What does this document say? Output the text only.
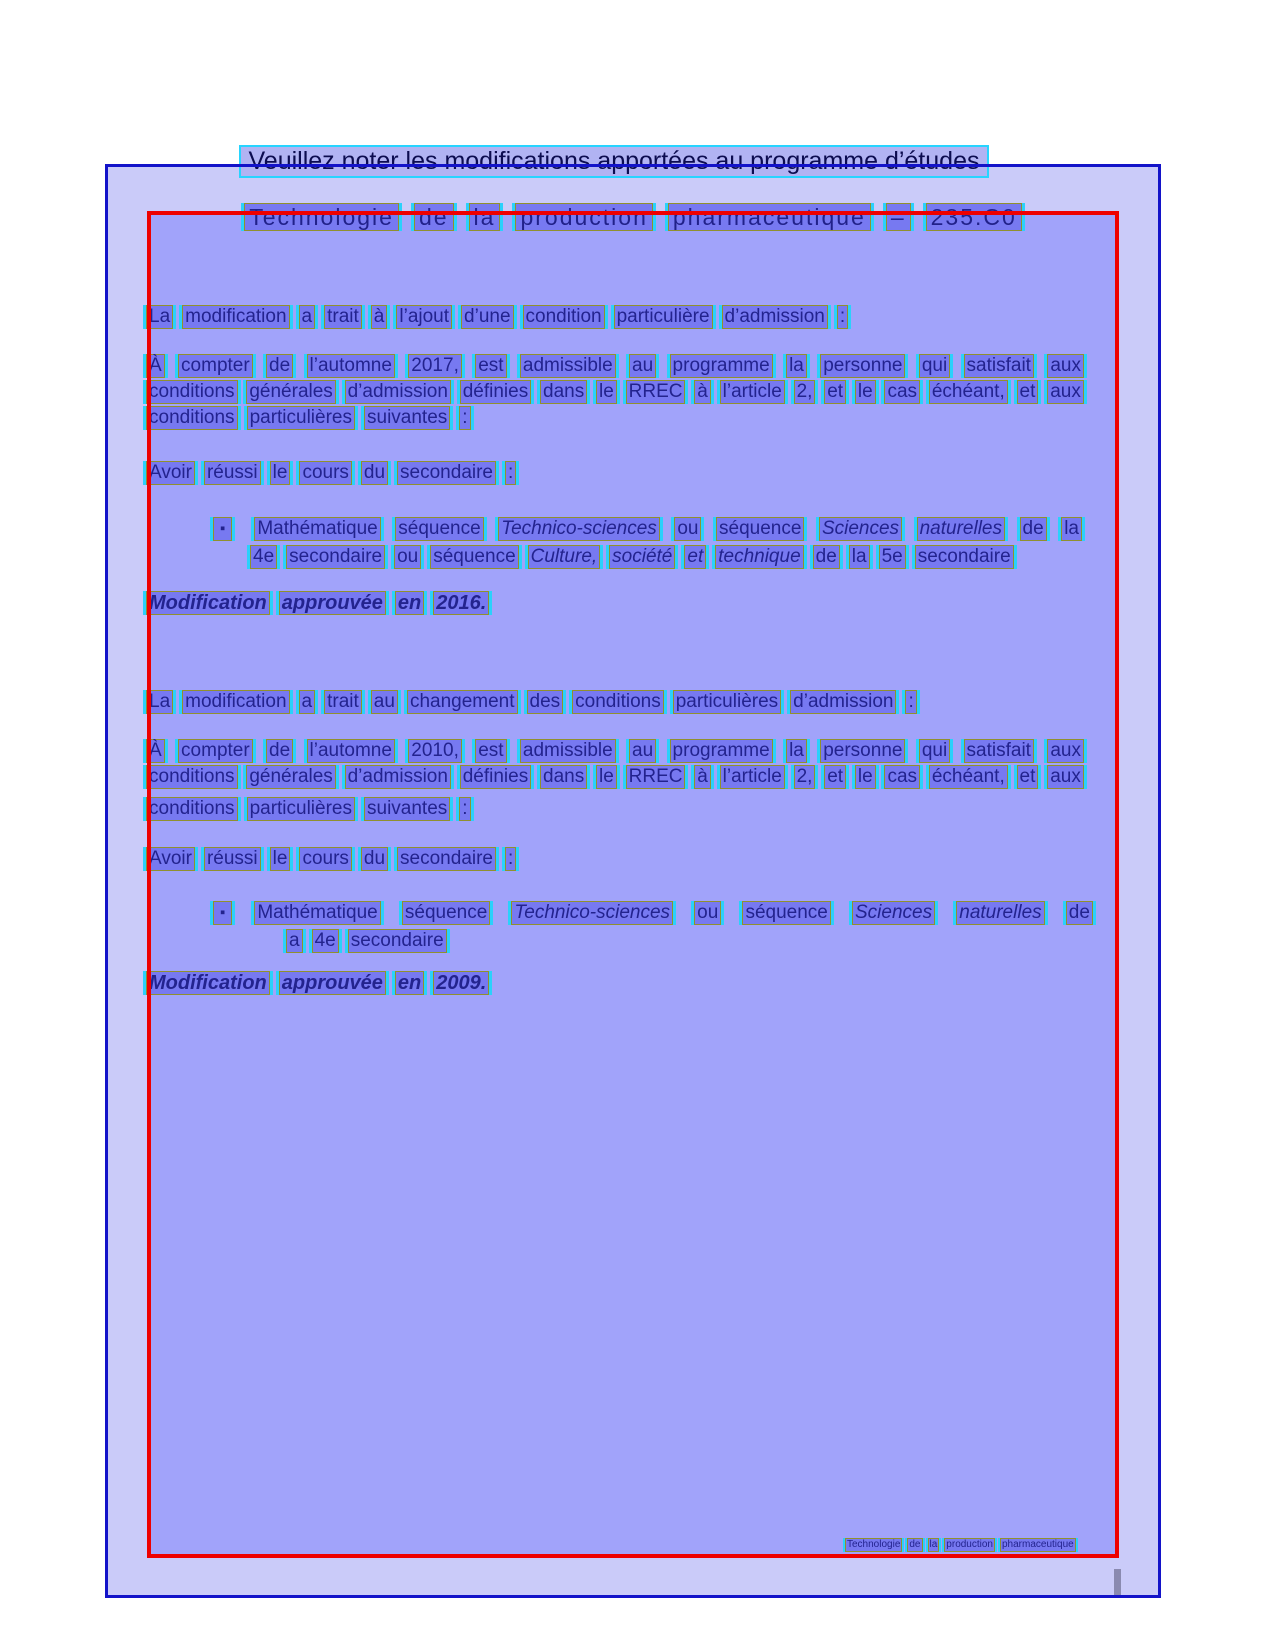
Veuillez noter les modifications apportées au programme d’études
Technologie de la production pharmaceutique – 235.C0
La modification a trait à l’ajout d’une condition particulière d’admission :
À compter de l’automne 2017, est admissible au programme la personne qui satisfait aux
conditions générales d’admission définies dans le RREC à l’article 2, et le cas échéant, et aux
conditions particulières suivantes :
Avoir réussi le cours du secondaire :
▪	Mathématique séquence Technico-sciences ou séquence Sciences naturelles de la
4e secondaire ou séquence Culture, société et technique de la 5e secondaire
Modification approuvée en 2016.
La modification a trait au changement des conditions particulières d’admission :
À compter de l’automne 2010, est admissible au programme la personne qui satisfait aux
conditions générales d’admission définies dans le RREC à l’article 2, et le cas échéant, et aux
conditions particulières suivantes :
Avoir réussi le cours du secondaire :
▪	Mathématique séquence Technico-sciences ou séquence Sciences naturelles de
a 4e secondaire
Modification approuvée en 2009.
Technologie de la production pharmaceutique
